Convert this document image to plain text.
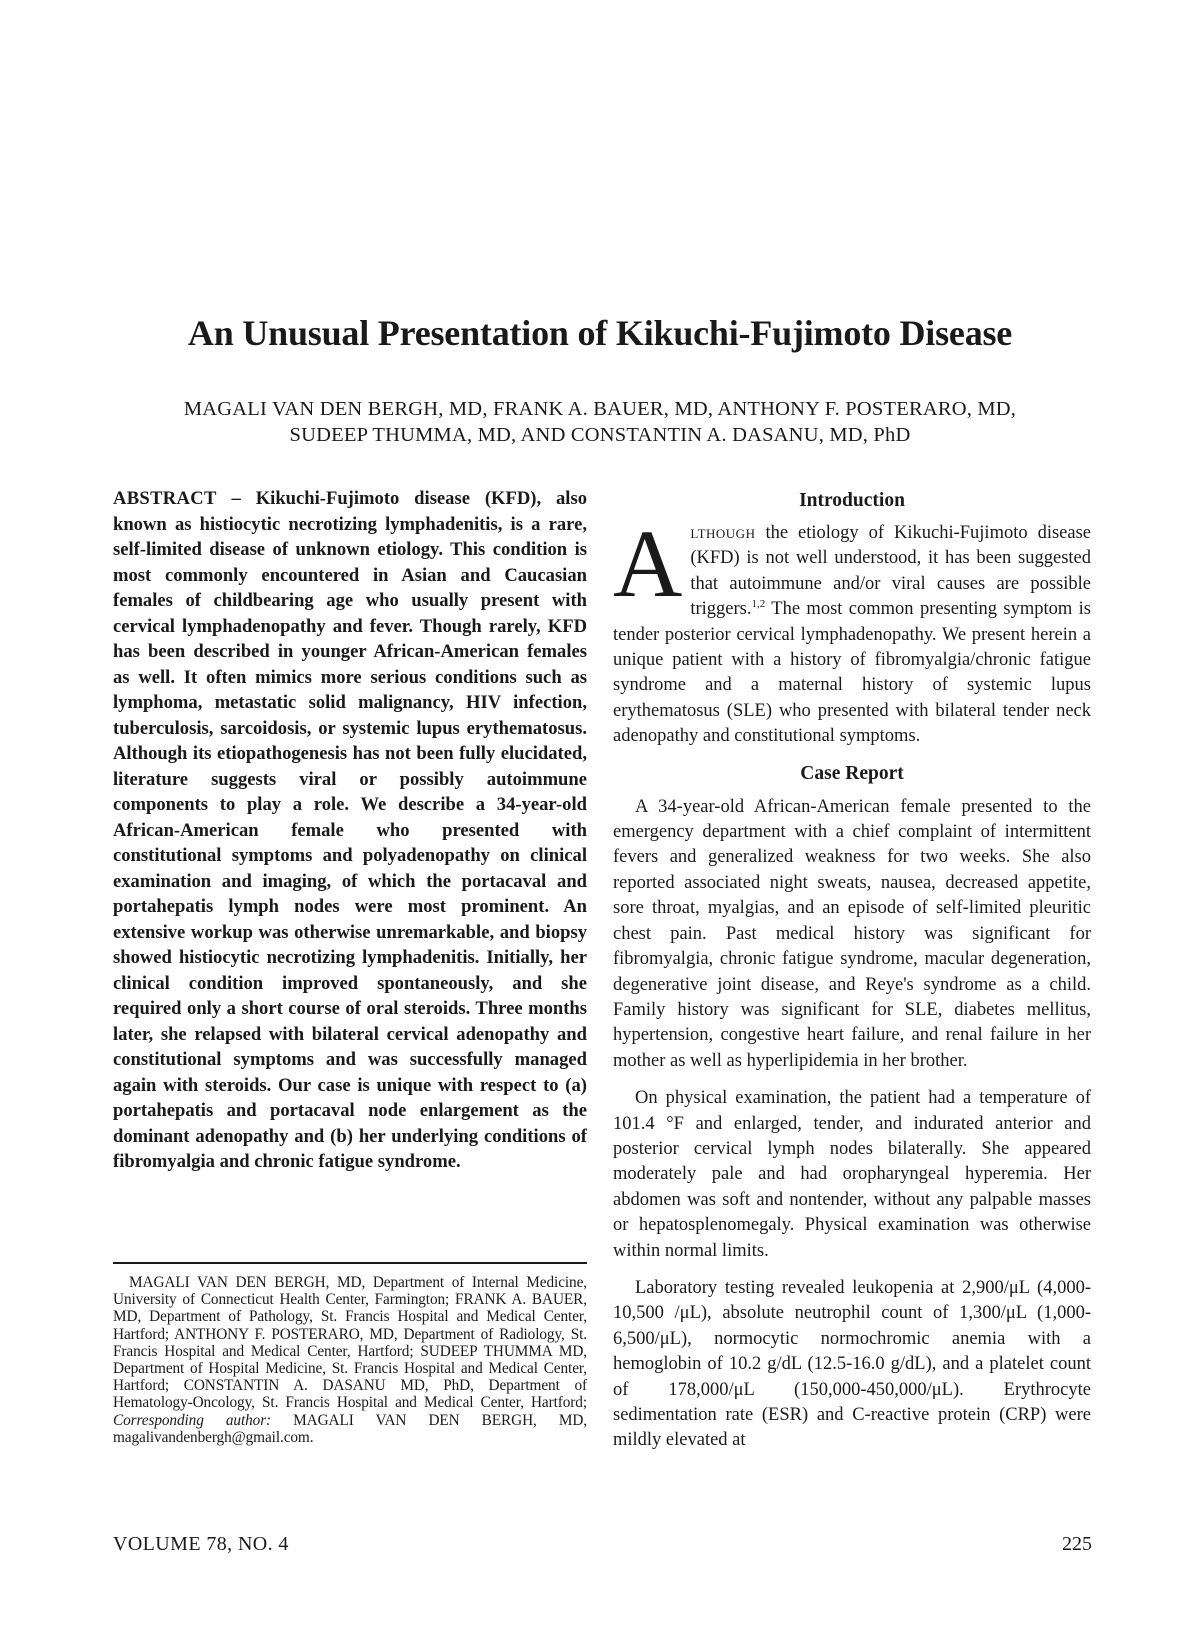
An Unusual Presentation of Kikuchi-Fujimoto Disease
MAGALI VAN DEN BERGH, MD, FRANK A. BAUER, MD, ANTHONY F. POSTERARO, MD,
SUDEEP THUMMA, MD, AND CONSTANTIN A. DASANU, MD, PhD
ABSTRACT – Kikuchi-Fujimoto disease (KFD), also known as histiocytic necrotizing lymphadenitis, is a rare, self-limited disease of unknown etiology. This condition is most commonly encountered in Asian and Caucasian females of childbearing age who usually present with cervical lymphadenopathy and fever. Though rarely, KFD has been described in younger African-American females as well. It often mimics more serious conditions such as lymphoma, metastatic solid malignancy, HIV infection, tuberculosis, sarcoidosis, or systemic lupus erythematosus. Although its etiopathogenesis has not been fully elucidated, literature suggests viral or possibly autoimmune components to play a role. We describe a 34-year-old African-American female who presented with constitutional symptoms and polyadenopathy on clinical examination and imaging, of which the portacaval and portahepatis lymph nodes were most prominent. An extensive workup was otherwise unremarkable, and biopsy showed histiocytic necrotizing lymphadenitis. Initially, her clinical condition improved spontaneously, and she required only a short course of oral steroids. Three months later, she relapsed with bilateral cervical adenopathy and constitutional symptoms and was successfully managed again with steroids. Our case is unique with respect to (a) portahepatis and portacaval node enlargement as the dominant adenopathy and (b) her underlying conditions of fibromyalgia and chronic fatigue syndrome.
MAGALI VAN DEN BERGH, MD, Department of Internal Medicine, University of Connecticut Health Center, Farmington; FRANK A. BAUER, MD, Department of Pathology, St. Francis Hospital and Medical Center, Hartford; ANTHONY F. POSTERARO, MD, Department of Radiology, St. Francis Hospital and Medical Center, Hartford; SUDEEP THUMMA MD, Department of Hospital Medicine, St. Francis Hospital and Medical Center, Hartford; CONSTANTIN A. DASANU MD, PhD, Department of Hematology-Oncology, St. Francis Hospital and Medical Center, Hartford; Corresponding author: MAGALI VAN DEN BERGH, MD, magalivandenbergh@gmail.com.
Introduction

Although the etiology of Kikuchi-Fujimoto disease (KFD) is not well understood, it has been suggested that autoimmune and/or viral causes are possible triggers.$^{1,2}$ The most common presenting symptom is tender posterior cervical lymphadenopathy. We present herein a unique patient with a history of fibromyalgia/chronic fatigue syndrome and a maternal history of systemic lupus erythematosus (SLE) who presented with bilateral tender neck adenopathy and constitutional symptoms.

Case Report

A 34-year-old African-American female presented to the emergency department with a chief complaint of intermittent fevers and generalized weakness for two weeks. She also reported associated night sweats, nausea, decreased appetite, sore throat, myalgias, and an episode of self-limited pleuritic chest pain. Past medical history was significant for fibromyalgia, chronic fatigue syndrome, macular degeneration, degenerative joint disease, and Reye's syndrome as a child. Family history was significant for SLE, diabetes mellitus, hypertension, congestive heart failure, and renal failure in her mother as well as hyperlipidemia in her brother.

On physical examination, the patient had a temperature of 101.4 °F and enlarged, tender, and indurated anterior and posterior cervical lymph nodes bilaterally. She appeared moderately pale and had oropharyngeal hyperemia. Her abdomen was soft and nontender, without any palpable masses or hepatosplenomegaly. Physical examination was otherwise within normal limits.

Laboratory testing revealed leukopenia at 2,900/μL (4,000-10,500 /μL), absolute neutrophil count of 1,300/μL (1,000-6,500/μL), normocytic normochromic anemia with a hemoglobin of 10.2 g/dL (12.5-16.0 g/dL), and a platelet count of 178,000/μL (150,000-450,000/μL). Erythrocyte sedimentation rate (ESR) and C-reactive protein (CRP) were mildly elevated at

VOLUME 78, NO. 4	225
